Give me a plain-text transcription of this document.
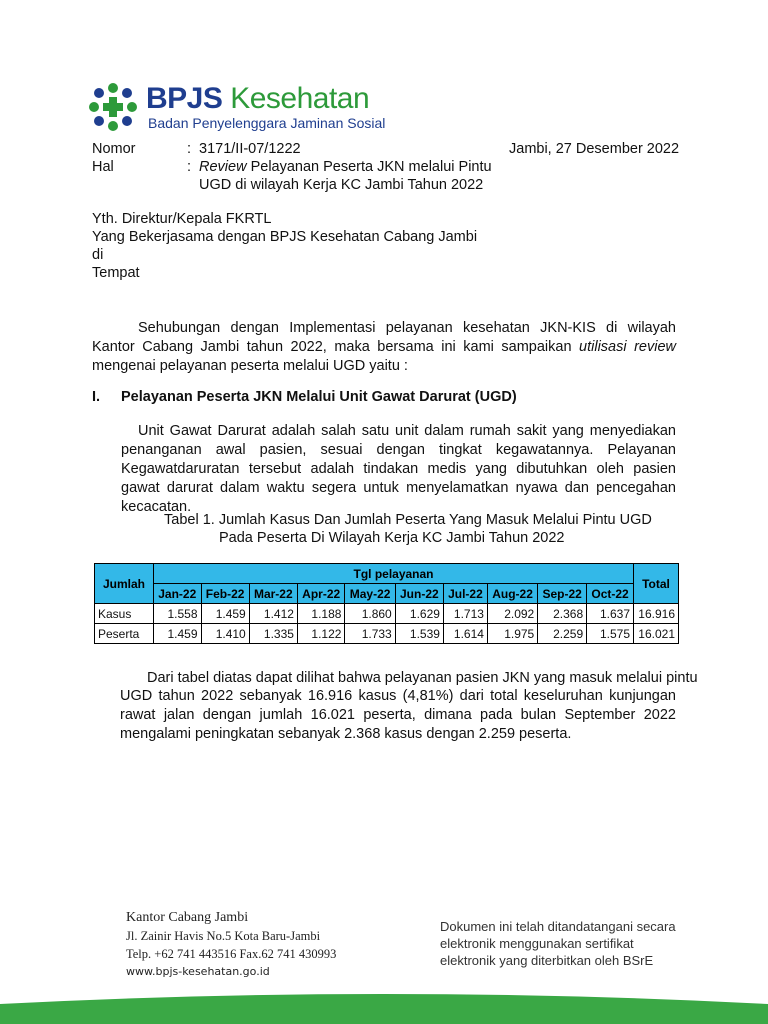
BPJS Kesehatan
Badan Penyelenggara Jaminan Sosial
Nomor	: 3171/II-07/1222	Jambi, 27 Desember 2022
Hal	: Review Pelayanan Peserta JKN melalui Pintu
UGD di wilayah Kerja KC Jambi Tahun 2022
Yth. Direktur/Kepala FKRTL
Yang Bekerjasama dengan BPJS Kesehatan Cabang Jambi
di
Tempat
Sehubungan dengan Implementasi pelayanan kesehatan JKN-KIS di wilayah Kantor Cabang Jambi tahun 2022, maka bersama ini kami sampaikan utilisasi review mengenai pelayanan peserta melalui UGD yaitu :
I. Pelayanan Peserta JKN Melalui Unit Gawat Darurat (UGD)
Unit Gawat Darurat adalah salah satu unit dalam rumah sakit yang menyediakan penanganan awal pasien, sesuai dengan tingkat kegawatannya. Pelayanan Kegawatdaruratan tersebut adalah tindakan medis yang dibutuhkan oleh pasien gawat darurat dalam waktu segera untuk menyelamatkan nyawa dan pencegahan kecacatan.
Tabel 1. Jumlah Kasus Dan Jumlah Peserta Yang Masuk Melalui Pintu UGD
Pada Peserta Di Wilayah Kerja KC Jambi Tahun 2022
Jumlah	Tgl pelayanan										Total
	Jan-22	Feb-22	Mar-22	Apr-22	May-22	Jun-22	Jul-22	Aug-22	Sep-22	Oct-22	
Kasus	1.558	1.459	1.412	1.188	1.860	1.629	1.713	2.092	2.368	1.637	16.916
Peserta	1.459	1.410	1.335	1.122	1.733	1.539	1.614	1.975	2.259	1.575	16.021
Dari tabel diatas dapat dilihat bahwa pelayanan pasien JKN yang masuk melalui pintu
UGD tahun 2022 sebanyak 16.916 kasus (4,81%) dari total keseluruhan kunjungan rawat jalan dengan jumlah 16.021 peserta, dimana pada bulan September 2022 mengalami peningkatan sebanyak 2.368 kasus dengan 2.259 peserta.
Kantor Cabang Jambi
Jl. Zainir Havis No.5 Kota Baru-Jambi
Telp. +62 741 443516 Fax.62 741 430993
www.bpjs-kesehatan.go.id
Dokumen ini telah ditandatangani secara
elektronik menggunakan sertifikat
elektronik yang diterbitkan oleh BSrE
